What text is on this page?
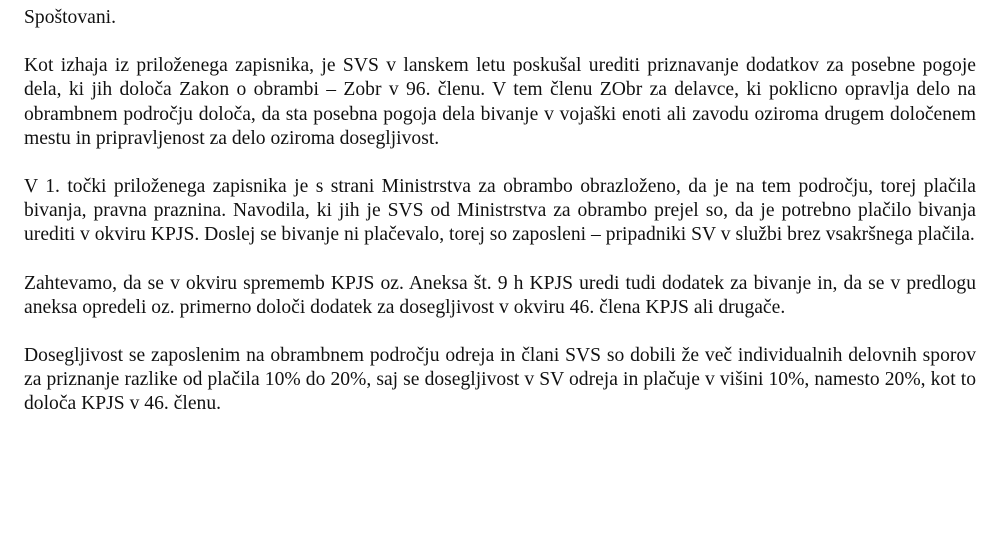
Spoštovani.

Kot izhaja iz priloženega zapisnika, je SVS v lanskem letu poskušal urediti priznavanje dodatkov za posebne pogoje dela, ki jih določa Zakon o obrambi – Zobr v 96. členu. V tem členu ZObr za delavce, ki poklicno opravlja delo na obrambnem področju določa, da sta posebna pogoja dela bivanje v vojaški enoti ali zavodu oziroma drugem določenem mestu in pripravljenost za delo oziroma dosegljivost.

V 1. točki priloženega zapisnika je s strani Ministrstva za obrambo obrazloženo, da je na tem področju, torej plačila bivanja, pravna praznina. Navodila, ki jih je SVS od Ministrstva za obrambo prejel so, da je potrebno plačilo bivanja urediti v okviru KPJS. Doslej se bivanje ni plačevalo, torej so zaposleni – pripadniki SV v službi brez vsakršnega plačila.

Zahtevamo, da se v okviru sprememb KPJS oz. Aneksa št. 9 h KPJS uredi tudi dodatek za bivanje in, da se v predlogu aneksa opredeli oz. primerno določi dodatek za dosegljivost v okviru 46. člena KPJS ali drugače.

Dosegljivost se zaposlenim na obrambnem področju odreja in člani SVS so dobili že več individualnih delovnih sporov za priznanje razlike od plačila 10% do 20%, saj se dosegljivost v SV odreja in plačuje v višini 10%, namesto 20%, kot to določa KPJS v 46. členu.
